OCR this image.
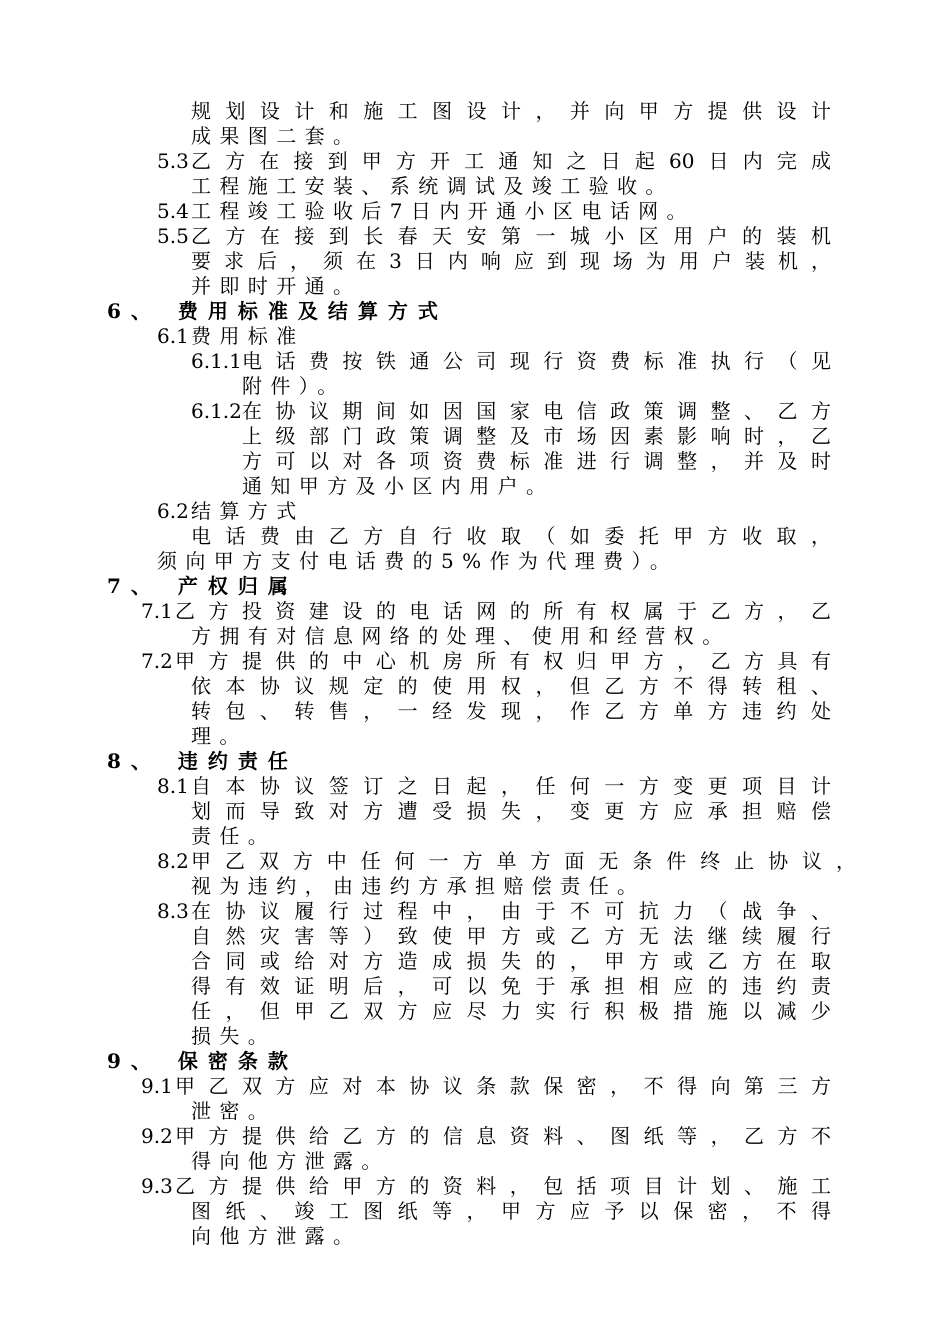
规划设计和施工图设计，并向甲方提供设计
成果图二套。
5.3 乙方在接到甲方开工通知之日起60日内完成
工程施工安装、系统调试及竣工验收。
5.4 工程竣工验收后7日内开通小区电话网。
5.5 乙方在接到长春天安第一城小区用户的装机
要求后，须在3日内响应到现场为用户装机，
并即时开通。
6、 费用标准及结算方式
6.1 费用标准
6.1.1 电话费按铁通公司现行资费标准执行（见
附件）。
6.1.2 在协议期间如因国家电信政策调整、乙方
上级部门政策调整及市场因素影响时，乙
方可以对各项资费标准进行调整，并及时
通知甲方及小区内用户。
6.2 结算方式
电话费由乙方自行收取（如委托甲方收取，
须向甲方支付电话费的5%作为代理费）。
7、 产权归属
7.1 乙方投资建设的电话网的所有权属于乙方，乙
方拥有对信息网络的处理、使用和经营权。
7.2 甲方提供的中心机房所有权归甲方，乙方具有
依本协议规定的使用权，但乙方不得转租、
转包、转售，一经发现，作乙方单方违约处
理。
8、 违约责任
8.1 自本协议签订之日起，任何一方变更项目计
划而导致对方遭受损失，变更方应承担赔偿
责任。
8.2 甲乙双方中任何一方单方面无条件终止协议，
视为违约，由违约方承担赔偿责任。
8.3 在协议履行过程中，由于不可抗力（战争、
自然灾害等）致使甲方或乙方无法继续履行
合同或给对方造成损失的，甲方或乙方在取
得有效证明后，可以免于承担相应的违约责
任，但甲乙双方应尽力实行积极措施以减少
损失。
9、 保密条款
9.1 甲乙双方应对本协议条款保密，不得向第三方
泄密。
9.2 甲方提供给乙方的信息资料、图纸等，乙方不
得向他方泄露。
9.3 乙方提供给甲方的资料，包括项目计划、施工
图纸、竣工图纸等，甲方应予以保密，不得
向他方泄露。
